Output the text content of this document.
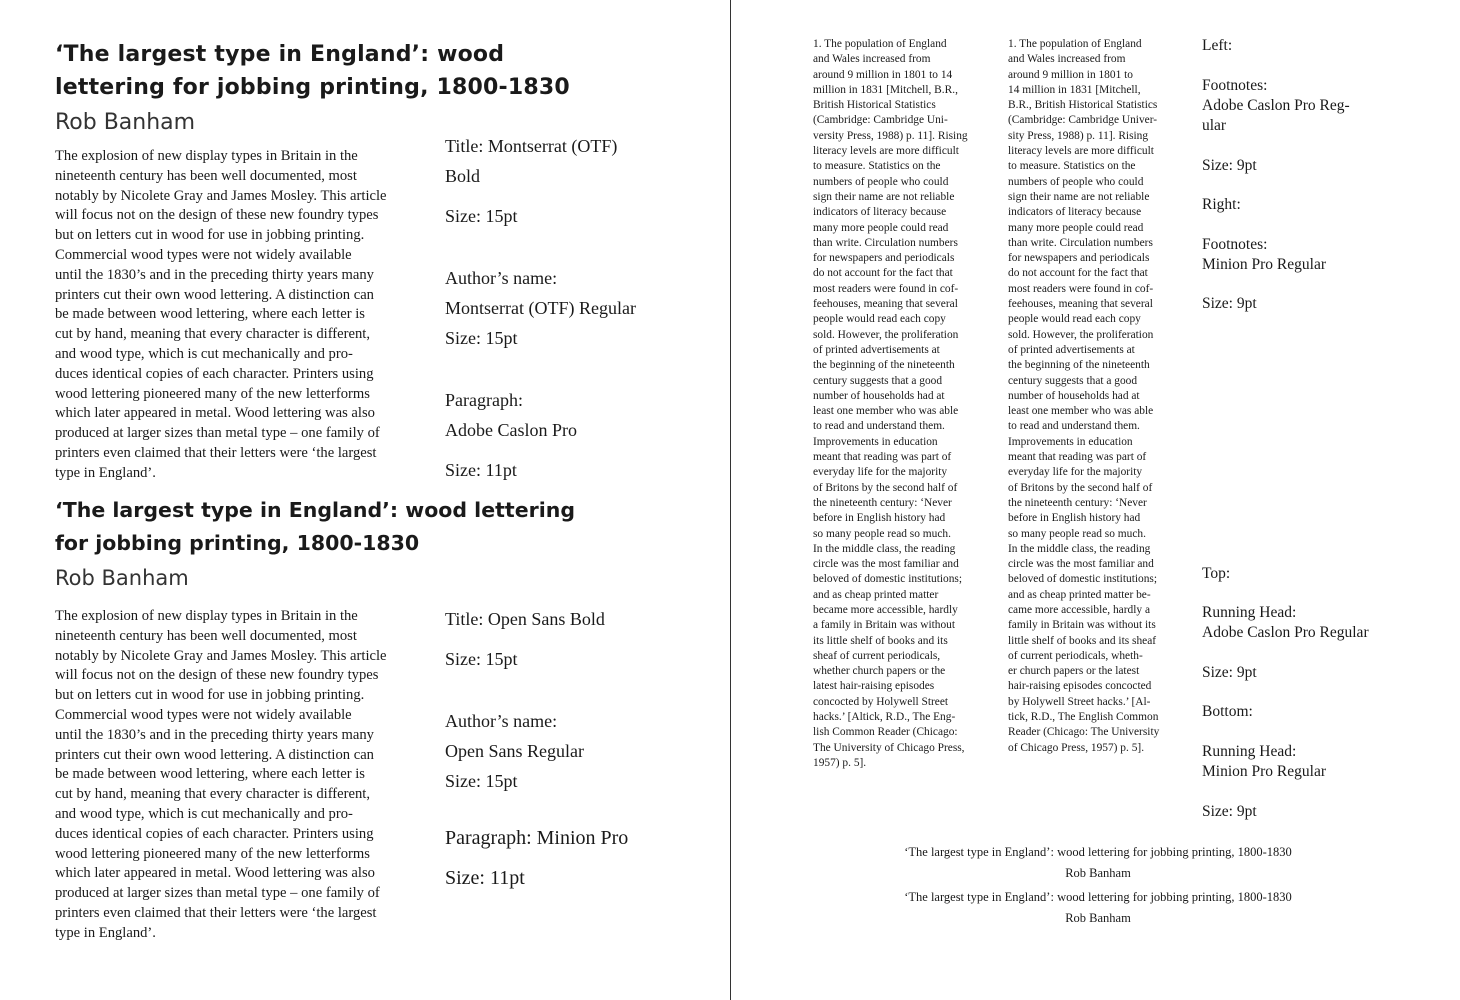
‘The largest type in England’: wood lettering for jobbing printing, 1800-1830
Rob Banham
The explosion of new display types in Britain in the
nineteenth century has been well documented, most
notably by Nicolete Gray and James Mosley. This article
will focus not on the design of these new foundry types
but on letters cut in wood for use in jobbing printing.
Commercial wood types were not widely available
until the 1830’s and in the preceding thirty years many
printers cut their own wood lettering. A distinction can
be made between wood lettering, where each letter is
cut by hand, meaning that every character is different,
and wood type, which is cut mechanically and pro-
duces identical copies of each character. Printers using
wood lettering pioneered many of the new letterforms
which later appeared in metal. Wood lettering was also
produced at larger sizes than metal type – one family of
printers even claimed that their letters were ‘the largest
type in England’.
Title: Montserrat (OTF)
Bold
Size: 15pt
Author’s name:
Montserrat (OTF) Regular
Size: 15pt
Paragraph:
Adobe Caslon Pro
Size: 11pt
‘The largest type in England’: wood lettering for jobbing printing, 1800-1830
Rob Banham
The explosion of new display types in Britain in the
nineteenth century has been well documented, most
notably by Nicolete Gray and James Mosley. This article
will focus not on the design of these new foundry types
but on letters cut in wood for use in jobbing printing.
Commercial wood types were not widely available
until the 1830’s and in the preceding thirty years many
printers cut their own wood lettering. A distinction can
be made between wood lettering, where each letter is
cut by hand, meaning that every character is different,
and wood type, which is cut mechanically and pro-
duces identical copies of each character. Printers using
wood lettering pioneered many of the new letterforms
which later appeared in metal. Wood lettering was also
produced at larger sizes than metal type – one family of
printers even claimed that their letters were ‘the largest
type in England’.
Title: Open Sans Bold
Size: 15pt
Author’s name:
Open Sans Regular
Size: 15pt
Paragraph: Minion Pro
Size: 11pt
1. The population of England
and Wales increased from
around 9 million in 1801 to 14
million in 1831 [Mitchell, B.R.,
British Historical Statistics
(Cambridge: Cambridge Uni-
versity Press, 1988) p. 11]. Rising
literacy levels are more difficult
to measure. Statistics on the
numbers of people who could
sign their name are not reliable
indicators of literacy because
many more people could read
than write. Circulation numbers
for newspapers and periodicals
do not account for the fact that
most readers were found in cof-
feehouses, meaning that several
people would read each copy
sold. However, the proliferation
of printed advertisements at
the beginning of the nineteenth
century suggests that a good
number of households had at
least one member who was able
to read and understand them.
Improvements in education
meant that reading was part of
everyday life for the majority
of Britons by the second half of
the nineteenth century: ‘Never
before in English history had
so many people read so much.
In the middle class, the reading
circle was the most familiar and
beloved of domestic institutions;
and as cheap printed matter
became more accessible, hardly
a family in Britain was without
its little shelf of books and its
sheaf of current periodicals,
whether church papers or the
latest hair-raising episodes
concocted by Holywell Street
hacks.’ [Altick, R.D., The Eng-
lish Common Reader (Chicago:
The University of Chicago Press,
1957) p. 5].
1. The population of England
and Wales increased from
around 9 million in 1801 to
14 million in 1831 [Mitchell,
B.R., British Historical Statistics
(Cambridge: Cambridge Univer-
sity Press, 1988) p. 11]. Rising
literacy levels are more difficult
to measure. Statistics on the
numbers of people who could
sign their name are not reliable
indicators of literacy because
many more people could read
than write. Circulation numbers
for newspapers and periodicals
do not account for the fact that
most readers were found in cof-
feehouses, meaning that several
people would read each copy
sold. However, the proliferation
of printed advertisements at
the beginning of the nineteenth
century suggests that a good
number of households had at
least one member who was able
to read and understand them.
Improvements in education
meant that reading was part of
everyday life for the majority
of Britons by the second half of
the nineteenth century: ‘Never
before in English history had
so many people read so much.
In the middle class, the reading
circle was the most familiar and
beloved of domestic institutions;
and as cheap printed matter be-
came more accessible, hardly a
family in Britain was without its
little shelf of books and its sheaf
of current periodicals, wheth-
er church papers or the latest
hair-raising episodes concocted
by Holywell Street hacks.’ [Al-
tick, R.D., The English Common
Reader (Chicago: The University
of Chicago Press, 1957) p. 5].
Left:
Footnotes:
Adobe Caslon Pro Reg-
ular
Size: 9pt
Right:
Footnotes:
Minion Pro Regular
Size: 9pt
Top:
Running Head:
Adobe Caslon Pro Regular
Size: 9pt
Bottom:
Running Head:
Minion Pro Regular
Size: 9pt
‘The largest type in England’: wood lettering for jobbing printing, 1800-1830
Rob Banham
‘The largest type in England’: wood lettering for jobbing printing, 1800-1830
Rob Banham
